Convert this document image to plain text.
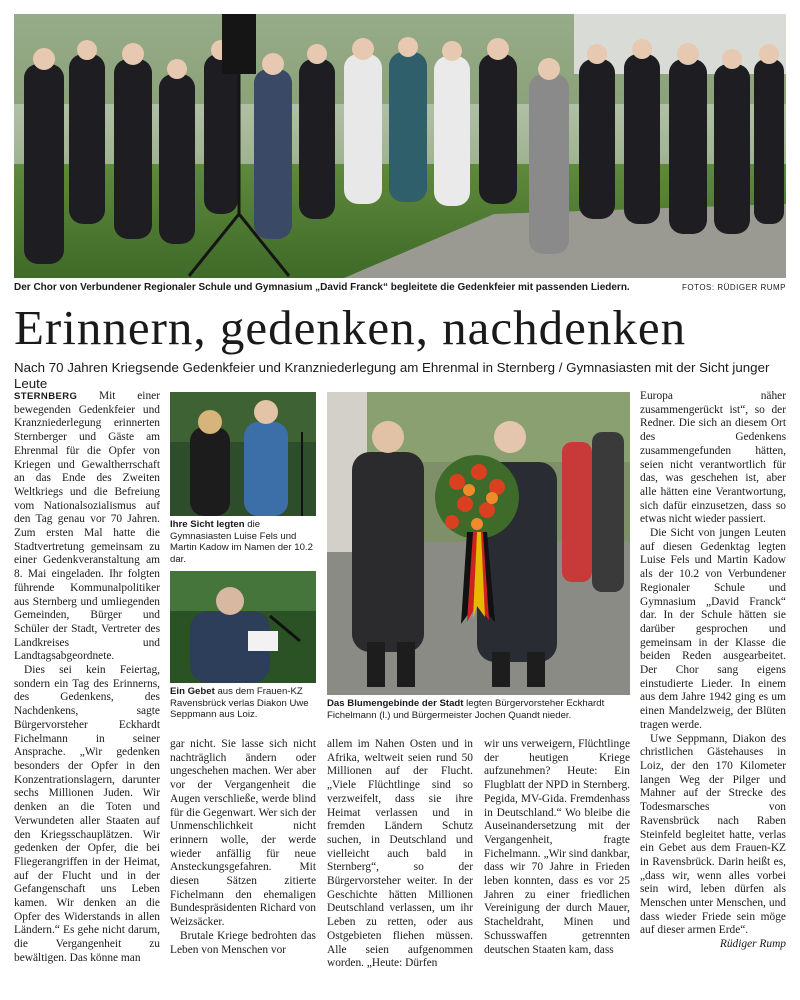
Der Chor von Verbundener Regionaler Schule und Gymnasium „David Franck“ begleitete die Gedenkfeier mit passenden Liedern.	FOTOS: RÜDIGER RUMP
Erinnern, gedenken, nachdenken

Nach 70 Jahren Kriegsende Gedenkfeier und Kranzniederlegung am Ehrenmal in Sternberg / Gymnasiasten mit der Sicht junger Leute

STERNBERG Mit einer bewegenden Gedenkfeier und Kranzniederlegung erinnerten Sternberger und Gäste am Ehrenmal für die Opfer von Kriegen und Gewaltherrschaft an das Ende des Zweiten Weltkriegs und die Befreiung vom Nationalsozialismus auf den Tag genau vor 70 Jahren. Zum ersten Mal hatte die Stadtvertretung gemeinsam zu einer Gedenkveranstaltung am 8. Mai eingeladen. Ihr folgten führende Kommunalpolitiker aus Sternberg und umliegenden Gemeinden, Bürger und Schüler der Stadt, Vertreter des Landkreises und Landtagsabgeordnete.

Dies sei kein Feiertag, sondern ein Tag des Erinnerns, des Gedenkens, des Nachdenkens, sagte Bürgervorsteher Eckhardt Fichelmann in seiner Ansprache. „Wir gedenken besonders der Opfer in den Konzentrationslagern, darunter sechs Millionen Juden. Wir denken an die Toten und Verwundeten aller Staaten auf den Kriegsschauplätzen. Wir gedenken der Opfer, die bei Fliegerangriffen in der Heimat, auf der Flucht und in der Gefangenschaft uns Leben kamen. Wir denken an die Opfer des Widerstands in allen Ländern.“ Es gehe nicht darum, die Vergangenheit zu bewältigen. Das könne man

Ihre Sicht legten die Gymnasiasten Luise Fels und Martin Kadow im Namen der 10.2 dar.
Ein Gebet aus dem Frauen-KZ Ravensbrück verlas Diakon Uwe Seppmann aus Loiz.
Das Blumengebinde der Stadt legten Bürgervorsteher Eckhardt Fichelmann (l.) und Bürgermeister Jochen Quandt nieder.

gar nicht. Sie lasse sich nicht nachträglich ändern oder ungeschehen machen. Wer aber vor der Vergangenheit die Augen verschließe, werde blind für die Gegenwart. Wer sich der Unmenschlichkeit nicht erinnern wolle, der werde wieder anfällig für neue Ansteckungsgefahren. Mit diesen Sätzen zitierte Fichelmann den ehemaligen Bundespräsidenten Richard von Weizsäcker.

Brutale Kriege bedrohten das Leben von Menschen vor

allem im Nahen Osten und in Afrika, weltweit seien rund 50 Millionen auf der Flucht. „Viele Flüchtlinge sind so verzweifelt, dass sie ihre Heimat verlassen und in fremden Ländern Schutz suchen, in Deutschland und vielleicht auch bald in Sternberg“, so der Bürgervorsteher weiter. In der Geschichte hätten Millionen Deutschland verlassen, um ihr Leben zu retten, oder aus Ostgebieten fliehen müssen. Alle seien aufgenommen worden. „Heute: Dürfen

wir uns verweigern, Flüchtlinge der heutigen Kriege aufzunehmen? Heute: Ein Flugblatt der NPD in Sternberg. Pegida, MV-Gida. Fremdenhass in Deutschland.“ Wo bleibe die Auseinandersetzung mit der Vergangenheit, fragte Fichelmann. „Wir sind dankbar, dass wir 70 Jahre in Frieden leben konnten, dass es vor 25 Jahren zu einer friedlichen Vereinigung der durch Mauer, Stacheldraht, Minen und Schusswaffen getrennten deutschen Staaten kam, dass

Europa näher zusammengerückt ist“, so der Redner. Die sich an diesem Ort des Gedenkens zusammengefunden hätten, seien nicht verantwortlich für das, was geschehen ist, aber alle hätten eine Verantwortung, sich dafür einzusetzen, dass so etwas nicht wieder passiert.

Die Sicht von jungen Leuten auf diesen Gedenktag legten Luise Fels und Martin Kadow als der 10.2 von Verbundener Regionaler Schule und Gymnasium „David Franck“ dar. In der Schule hätten sie darüber gesprochen und gemeinsam in der Klasse die beiden Reden ausgearbeitet. Der Chor sang eigens einstudierte Lieder. In einem aus dem Jahre 1942 ging es um einen Mandelzweig, der Blüten tragen werde.

Uwe Seppmann, Diakon des christlichen Gästehauses in Loiz, der den 170 Kilometer langen Weg der Pilger und Mahner auf der Strecke des Todesmarsches von Ravensbrück nach Raben Steinfeld begleitet hatte, verlas ein Gebet aus dem Frauen-KZ in Ravensbrück. Darin heißt es, „dass wir, wenn alles vorbei sein wird, leben dürfen als Menschen unter Menschen, und dass wieder Friede sein möge auf dieser armen Erde“.

Rüdiger Rump
